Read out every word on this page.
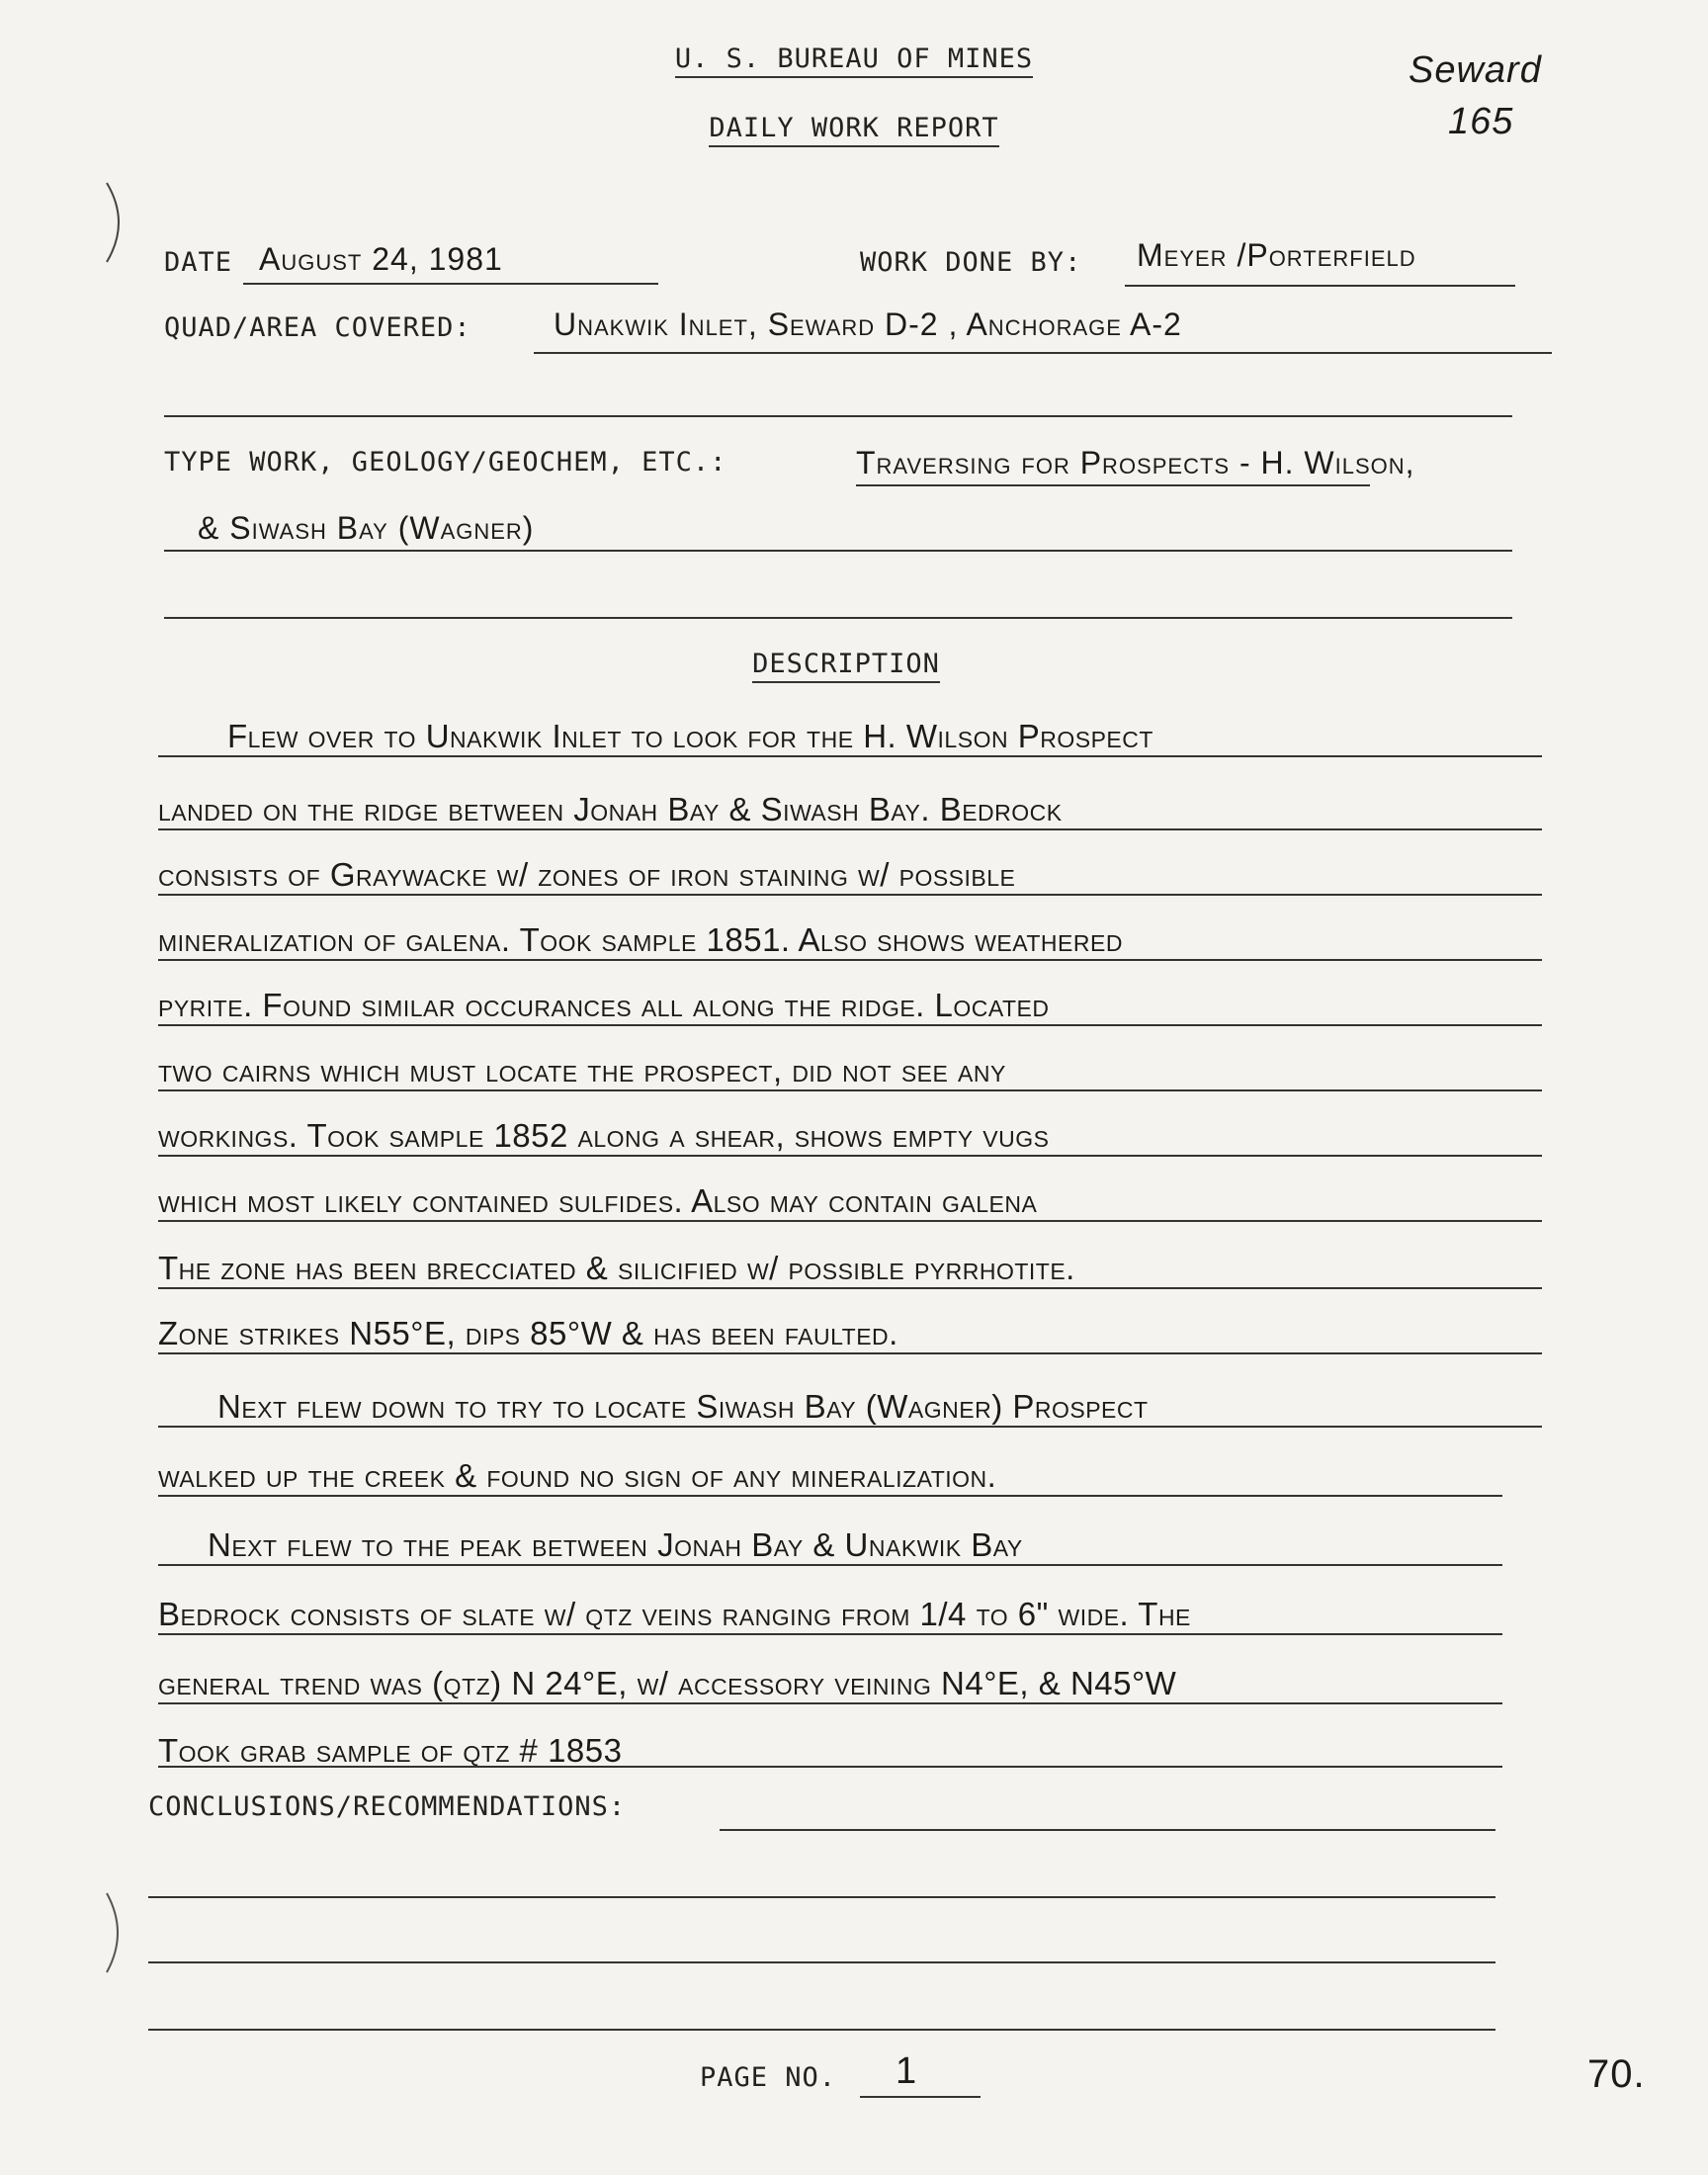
U. S. BUREAU OF MINES
DAILY WORK REPORT
Seward
165
DATE August 24, 1981	WORK DONE BY: Meyer /Porterfield
QUAD/AREA COVERED:	Unakwik Inlet, Seward D-2 , Anchorage A-2
TYPE WORK, GEOLOGY/GEOCHEM, ETC.:	Traversing for Prospects - H. Wilson,
& Siwash Bay (Wagner)
DESCRIPTION
Flew over to Unakwik Inlet to look for the H. Wilson Prospect
landed on the ridge between Jonah Bay & Siwash Bay. Bedrock
consists of Graywacke w/ zones of iron staining w/ possible
mineralization of galena. Took sample 1851. Also shows weathered
pyrite. Found similar occurances all along the ridge. Located
two cairns which must locate the prospect, did not see any
workings. Took sample 1852 along a shear, shows empty vugs
which most likely contained sulfides. Also may contain galena
The zone has been brecciated & silicified w/ possible pyrrhotite.
Zone strikes N55°E, dips 85°W & has been faulted.
Next flew down to try to locate Siwash Bay (Wagner) Prospect
walked up the creek & found no sign of any mineralization.
Next flew to the peak between Jonah Bay & Unakwik Bay
Bedrock consists of slate w/ qtz veins ranging from 1/4 to 6" wide. The
general trend was (qtz) N 24°E, w/ accessory veining N4°E, & N45°W
Took grab sample of qtz # 1853
CONCLUSIONS/RECOMMENDATIONS:
PAGE NO. 1	70.
